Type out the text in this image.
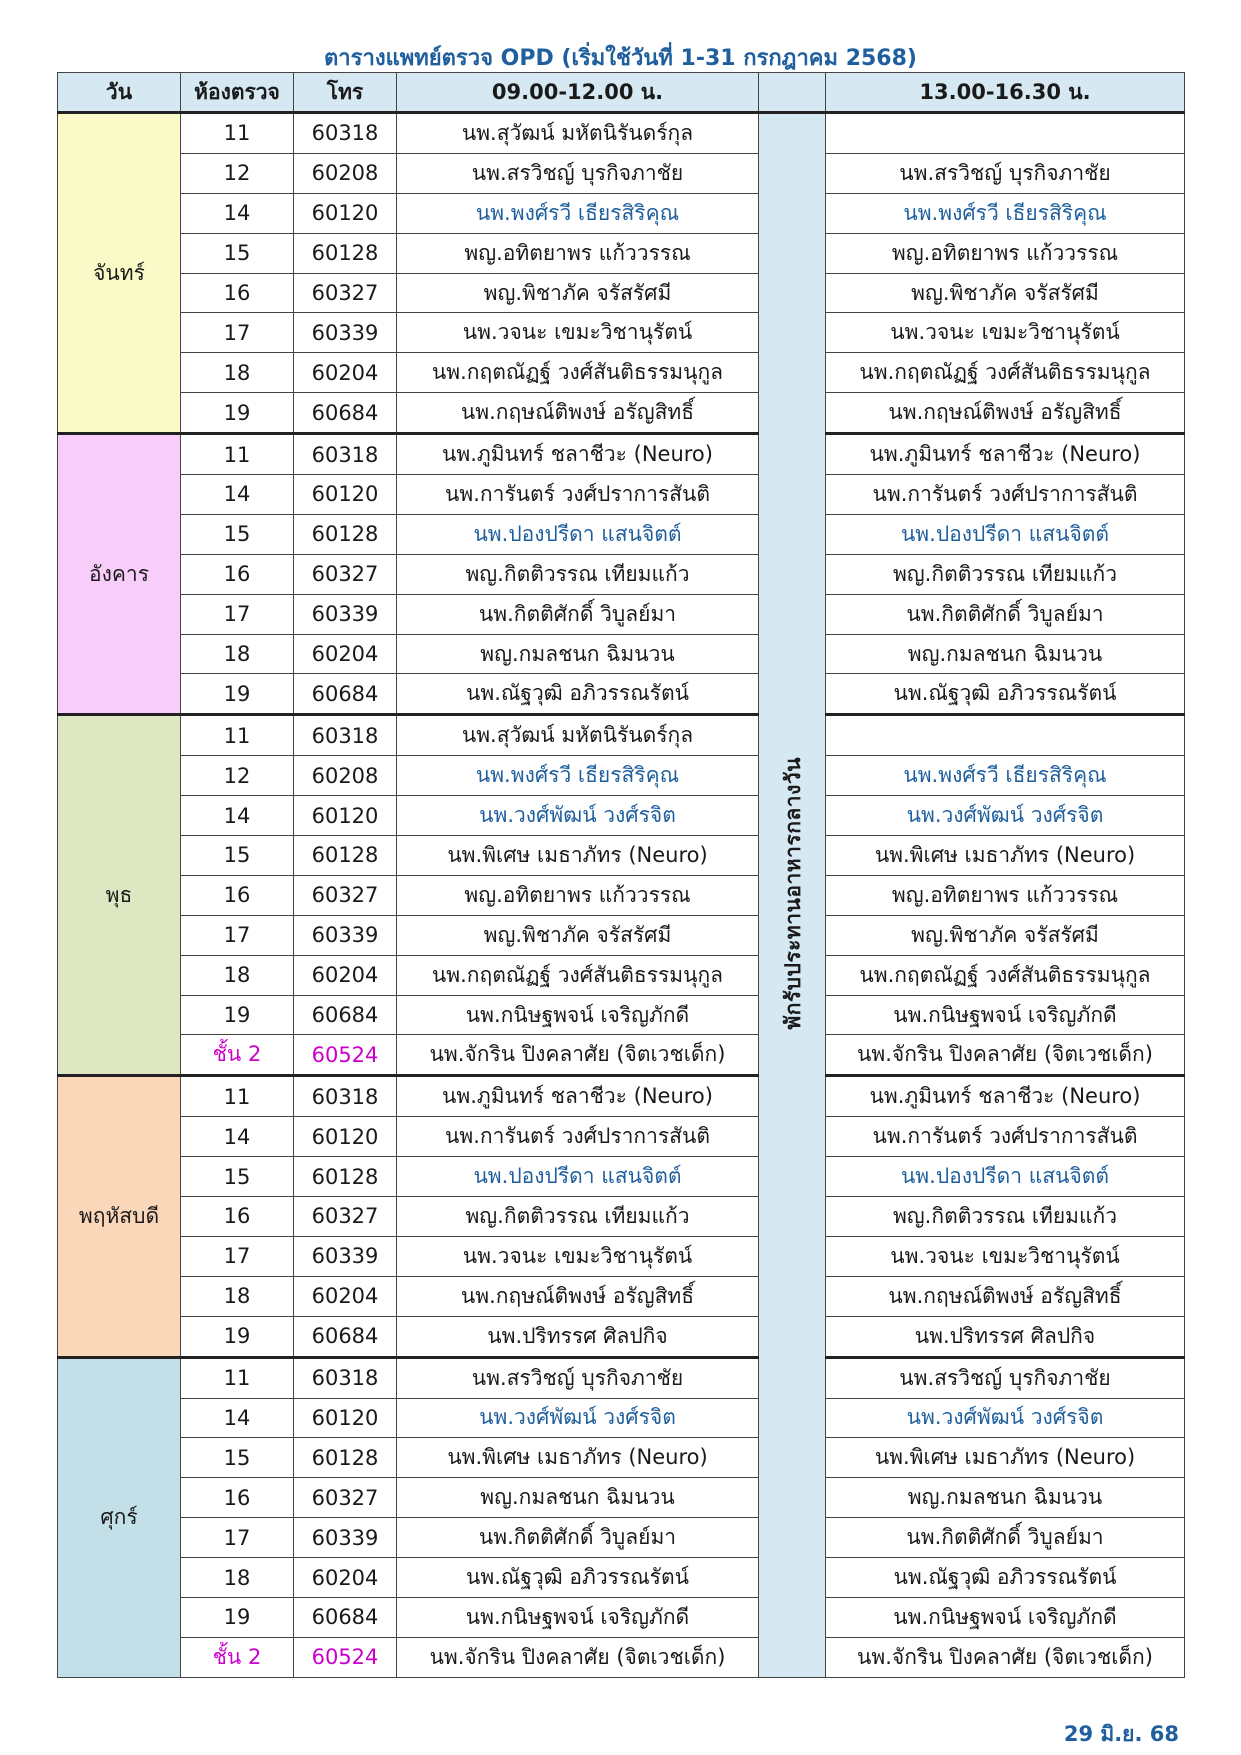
ตารางแพทย์ตรวจ OPD (เริ่มใช้วันที่ 1-31 กรกฎาคม 2568)
วัน	ห้องตรวจ	โทร	09.00-12.00 น.		13.00-16.30 น.
จันทร์	11	60318	นพ.สุวัฒน์ มหัตนิรันดร์กุล	พักรับประทานอาหารกลางวัน	
	12	60208	นพ.สรวิชญ์ บุรกิจภาชัย		นพ.สรวิชญ์ บุรกิจภาชัย
	14	60120	นพ.พงศ์รวี เธียรสิริคุณ		นพ.พงศ์รวี เธียรสิริคุณ
	15	60128	พญ.อทิตยาพร แก้ววรรณ		พญ.อทิตยาพร แก้ววรรณ
	16	60327	พญ.พิชาภัค จรัสรัศมี		พญ.พิชาภัค จรัสรัศมี
	17	60339	นพ.วจนะ เขมะวิชานุรัตน์		นพ.วจนะ เขมะวิชานุรัตน์
	18	60204	นพ.กฤตณัฏฐ์ วงศ์สันติธรรมนุกูล		นพ.กฤตณัฏฐ์ วงศ์สันติธรรมนุกูล
	19	60684	นพ.กฤษณ์ติพงษ์ อรัญสิทธิ์		นพ.กฤษณ์ติพงษ์ อรัญสิทธิ์
อังคาร	11	60318	นพ.ภูมินทร์ ชลาชีวะ (Neuro)		นพ.ภูมินทร์ ชลาชีวะ (Neuro)
	14	60120	นพ.การันตร์ วงศ์ปราการสันติ		นพ.การันตร์ วงศ์ปราการสันติ
	15	60128	นพ.ปองปรีดา แสนจิตต์		นพ.ปองปรีดา แสนจิตต์
	16	60327	พญ.กิตติวรรณ เทียมแก้ว		พญ.กิตติวรรณ เทียมแก้ว
	17	60339	นพ.กิตติศักดิ์ วิบูลย์มา		นพ.กิตติศักดิ์ วิบูลย์มา
	18	60204	พญ.กมลชนก ฉิมนวน		พญ.กมลชนก ฉิมนวน
	19	60684	นพ.ณัฐวุฒิ อภิวรรณรัตน์		นพ.ณัฐวุฒิ อภิวรรณรัตน์
พุธ	11	60318	นพ.สุวัฒน์ มหัตนิรันดร์กุล		
	12	60208	นพ.พงศ์รวี เธียรสิริคุณ		นพ.พงศ์รวี เธียรสิริคุณ
	14	60120	นพ.วงศ์พัฒน์ วงศ์รจิต		นพ.วงศ์พัฒน์ วงศ์รจิต
	15	60128	นพ.พิเศษ เมธาภัทร (Neuro)		นพ.พิเศษ เมธาภัทร (Neuro)
	16	60327	พญ.อทิตยาพร แก้ววรรณ		พญ.อทิตยาพร แก้ววรรณ
	17	60339	พญ.พิชาภัค จรัสรัศมี		พญ.พิชาภัค จรัสรัศมี
	18	60204	นพ.กฤตณัฏฐ์ วงศ์สันติธรรมนุกูล		นพ.กฤตณัฏฐ์ วงศ์สันติธรรมนุกูล
	19	60684	นพ.กนิษฐพจน์ เจริญภักดี		นพ.กนิษฐพจน์ เจริญภักดี
	ชั้น 2	60524	นพ.จักริน ปิงคลาศัย (จิตเวชเด็ก)		นพ.จักริน ปิงคลาศัย (จิตเวชเด็ก)
พฤหัสบดี	11	60318	นพ.ภูมินทร์ ชลาชีวะ (Neuro)		นพ.ภูมินทร์ ชลาชีวะ (Neuro)
	14	60120	นพ.การันตร์ วงศ์ปราการสันติ		นพ.การันตร์ วงศ์ปราการสันติ
	15	60128	นพ.ปองปรีดา แสนจิตต์		นพ.ปองปรีดา แสนจิตต์
	16	60327	พญ.กิตติวรรณ เทียมแก้ว		พญ.กิตติวรรณ เทียมแก้ว
	17	60339	นพ.วจนะ เขมะวิชานุรัตน์		นพ.วจนะ เขมะวิชานุรัตน์
	18	60204	นพ.กฤษณ์ติพงษ์ อรัญสิทธิ์		นพ.กฤษณ์ติพงษ์ อรัญสิทธิ์
	19	60684	นพ.ปริทรรศ ศิลปกิจ		นพ.ปริทรรศ ศิลปกิจ
ศุกร์	11	60318	นพ.สรวิชญ์ บุรกิจภาชัย		นพ.สรวิชญ์ บุรกิจภาชัย
	14	60120	นพ.วงศ์พัฒน์ วงศ์รจิต		นพ.วงศ์พัฒน์ วงศ์รจิต
	15	60128	นพ.พิเศษ เมธาภัทร (Neuro)		นพ.พิเศษ เมธาภัทร (Neuro)
	16	60327	พญ.กมลชนก ฉิมนวน		พญ.กมลชนก ฉิมนวน
	17	60339	นพ.กิตติศักดิ์ วิบูลย์มา		นพ.กิตติศักดิ์ วิบูลย์มา
	18	60204	นพ.ณัฐวุฒิ อภิวรรณรัตน์		นพ.ณัฐวุฒิ อภิวรรณรัตน์
	19	60684	นพ.กนิษฐพจน์ เจริญภักดี		นพ.กนิษฐพจน์ เจริญภักดี
	ชั้น 2	60524	นพ.จักริน ปิงคลาศัย (จิตเวชเด็ก)		นพ.จักริน ปิงคลาศัย (จิตเวชเด็ก)
29 มิ.ย. 68
